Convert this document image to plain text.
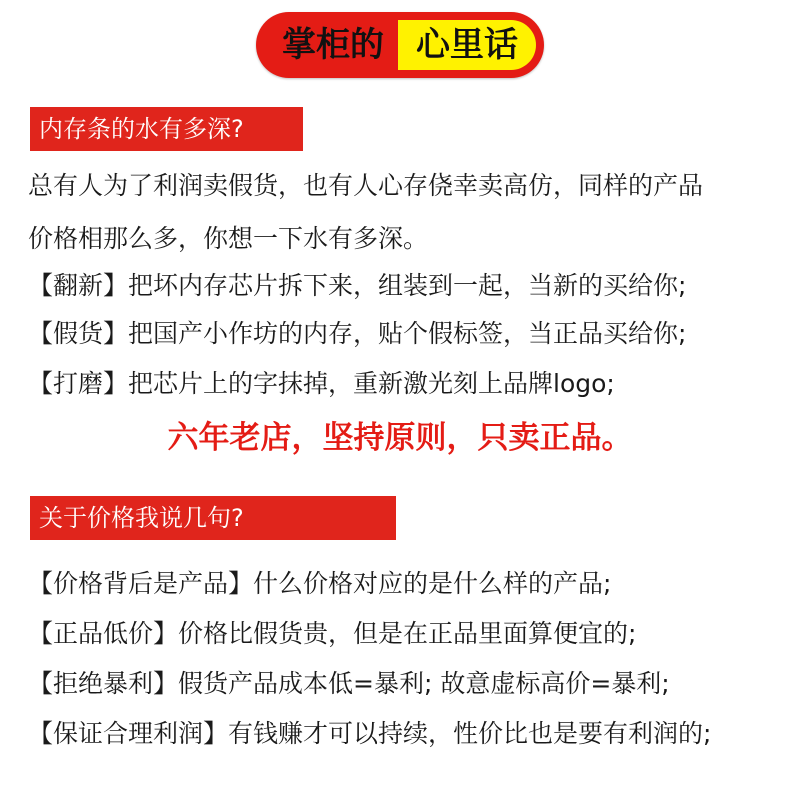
掌柜的 心里话
内存条的水有多深?
总有人为了利润卖假货，也有人心存侥幸卖高仿，同样的产品
价格相那么多，你想一下水有多深。
【翻新】把坏内存芯片拆下来，组装到一起，当新的买给你;
【假货】把国产小作坊的内存，贴个假标签，当正品买给你;
【打磨】把芯片上的字抹掉，重新激光刻上品牌logo;
六年老店，坚持原则，只卖正品。
关于价格我说几句?
【价格背后是产品】什么价格对应的是什么样的产品;
【正品低价】价格比假货贵，但是在正品里面算便宜的;
【拒绝暴利】假货产品成本低=暴利; 故意虚标高价=暴利;
【保证合理利润】有钱赚才可以持续，性价比也是要有利润的;
